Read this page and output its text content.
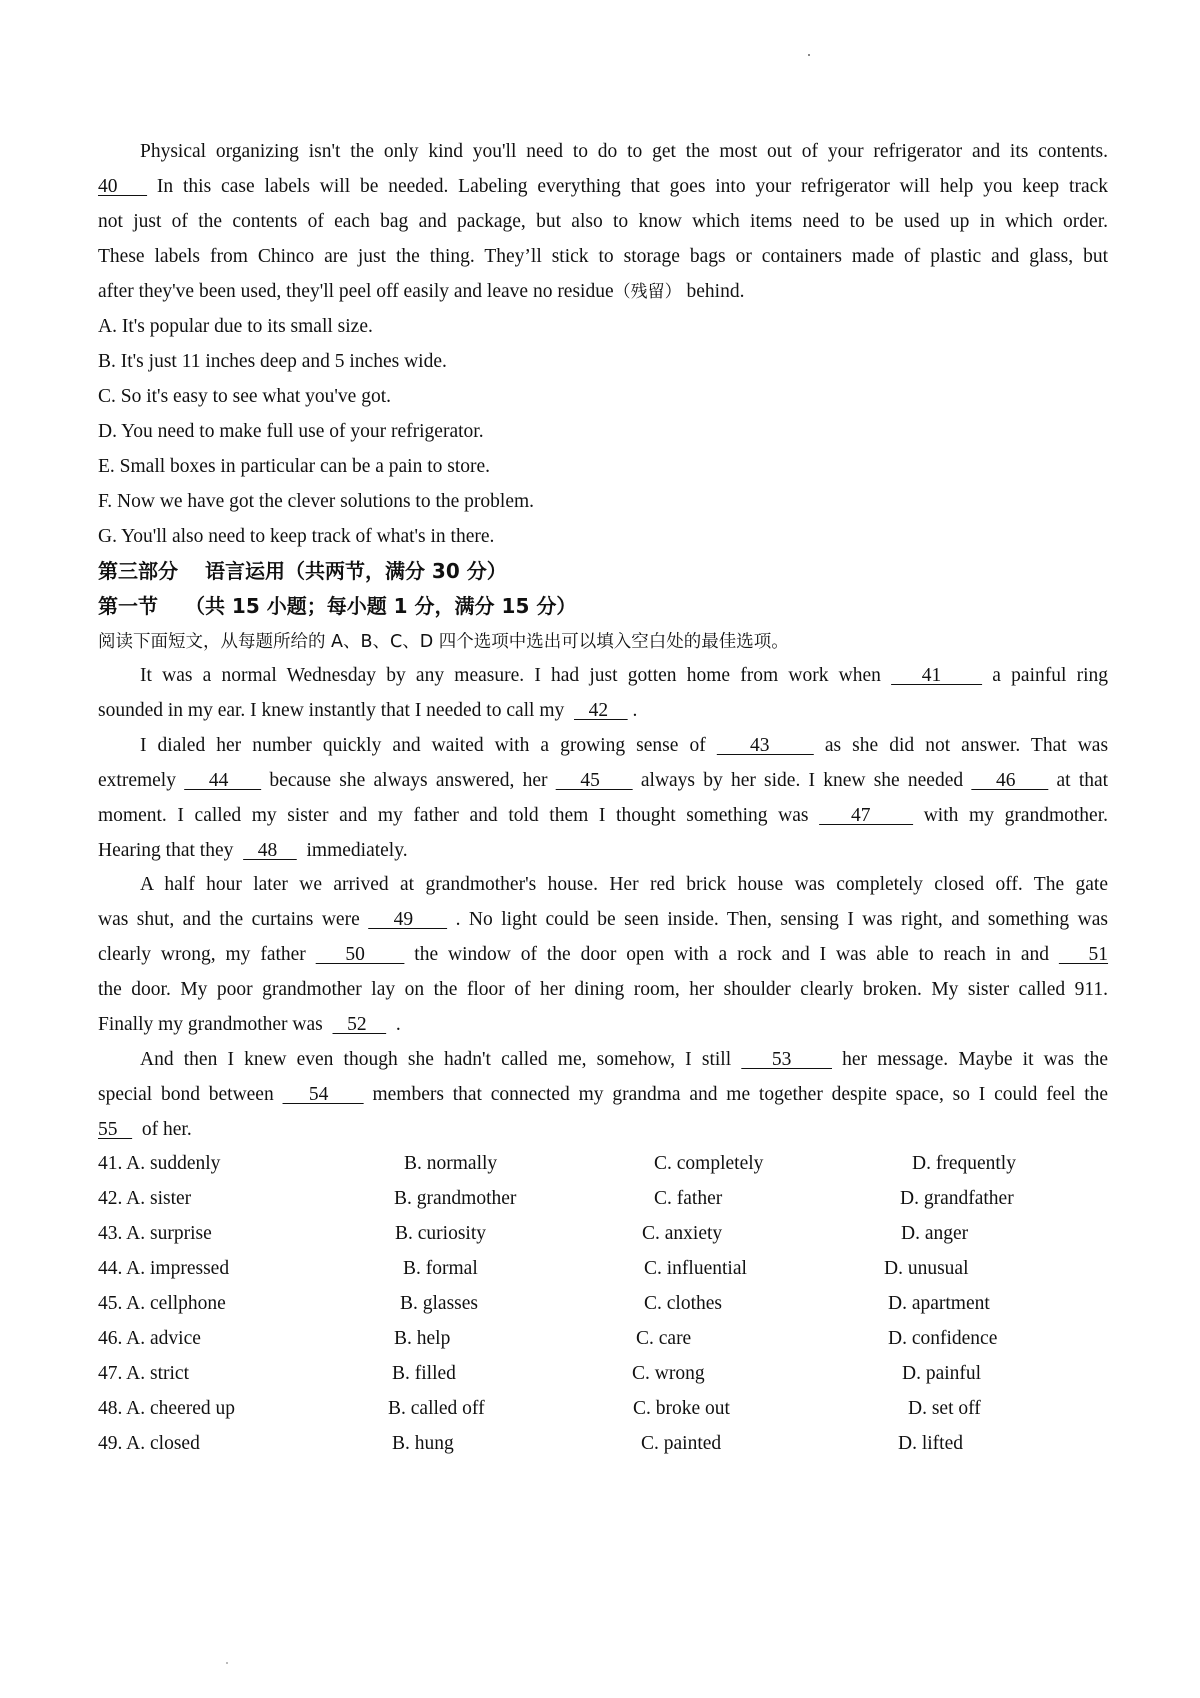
Physical organizing isn't the only kind you'll need to do to get the most out of your refrigerator and its contents.
40    In this case labels will be needed. Labeling everything that goes into your refrigerator will help you keep track
not just of the contents of each bag and package, but also to know which items need to be used up in which order.
These labels from Chinco are just the thing. They’ll stick to storage bags or containers made of plastic and glass, but
after they've been used, they'll peel off easily and leave no residue（残留） behind.
A. It's popular due to its small size.
B. It's just 11 inches deep and 5 inches wide.
C. So it's easy to see what you've got.
D. You need to make full use of your refrigerator.
E. Small boxes in particular can be a pain to store.
F. Now we have got the clever solutions to the problem.
G. You'll also need to keep track of what's in there.
第三部分　 语言运用（共两节，满分 30 分）
第一节　 （共 15 小题；每小题 1 分，满分 15 分）
阅读下面短文，从每题所给的 A、B、C、D 四个选项中选出可以填入空白处的最佳选项。
It was a normal Wednesday by any measure. I had just gotten home from work when    41     a painful ring
sounded in my ear. I knew instantly that I needed to call my     42     .
I dialed her number quickly and waited with a growing sense of    43     as she did not answer. That was
extremely    44     because she always answered, her    45     always by her side. I knew she needed    46     at that
moment. I called my sister and my father and told them I thought something was    47     with my grandmother.
Hearing that they     48      immediately.
A half hour later we arrived at grandmother's house. Her red brick house was completely closed off. The gate
was shut, and the curtains were    49     . No light could be seen inside. Then, sensing I was right, and something was
clearly wrong, my father    50     the window of the door open with a rock and I was able to reach in and    51
the door. My poor grandmother lay on the floor of her dining room, her shoulder clearly broken. My sister called 911.
Finally my grandmother was     52      .
And then I knew even though she hadn't called me, somehow, I still    53     her message. Maybe it was the
special bond between    54     members that connected my grandma and me together despite space, so I could feel the
55     of her.
41. A. suddenly	B. normally	C. completely	D. frequently
42. A. sister	B. grandmother	C. father	D. grandfather
43. A. surprise	B. curiosity	C. anxiety	D. anger
44. A. impressed	B. formal	C. influential	D. unusual
45. A. cellphone	B. glasses	C. clothes	D. apartment
46. A. advice	B. help	C. care	D. confidence
47. A. strict	B. filled	C. wrong	D. painful
48. A. cheered up	B. called off	C. broke out	D. set off
49. A. closed	B. hung	C. painted	D. lifted
